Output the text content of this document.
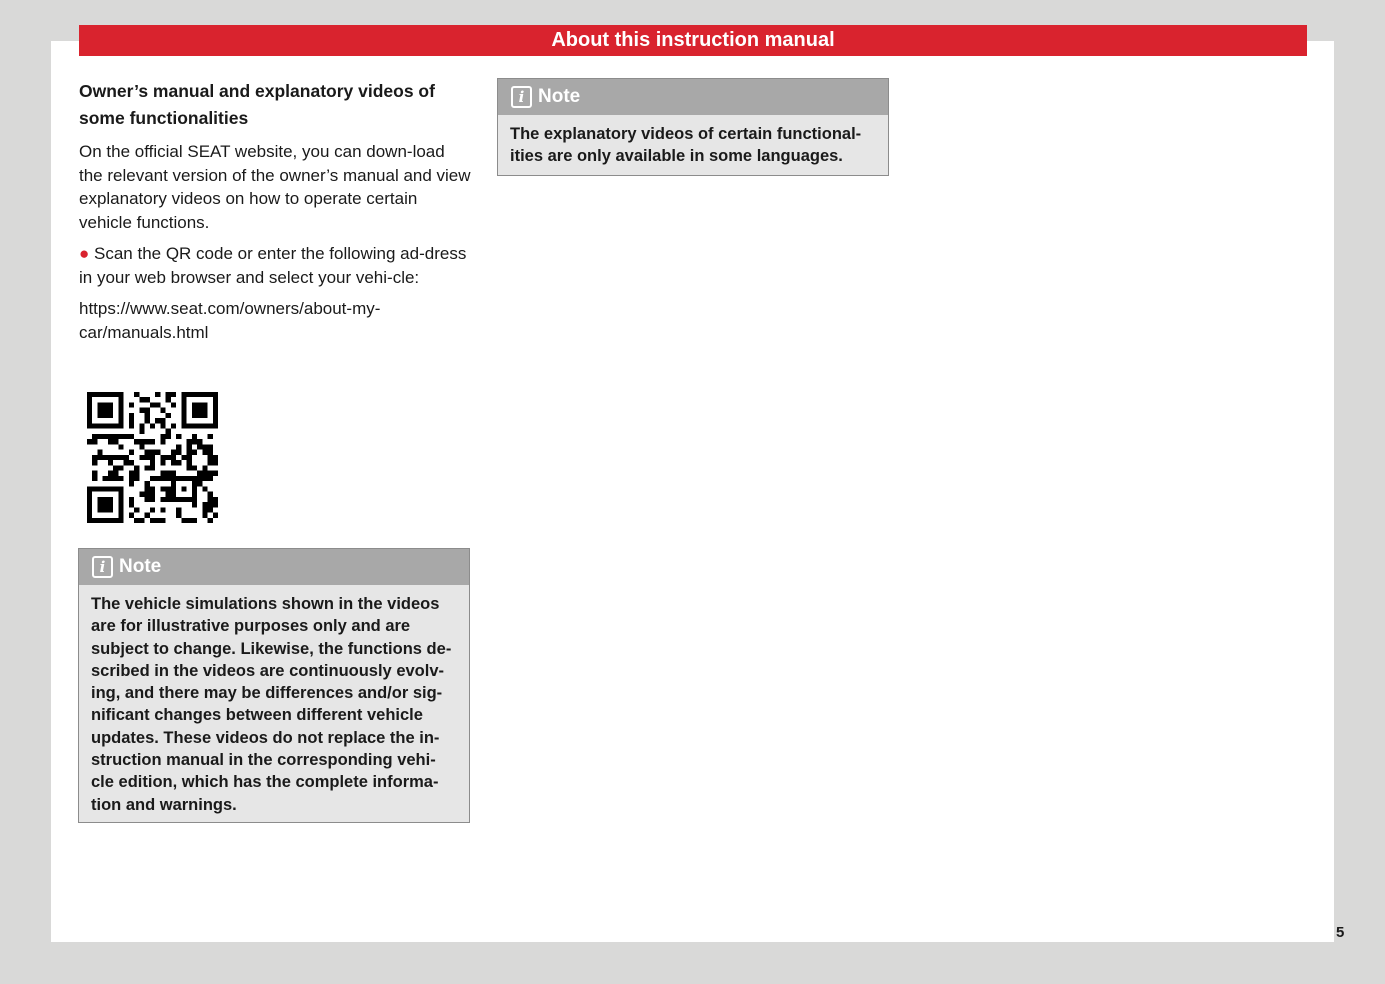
About this instruction manual
Owner’s manual and explanatory videos of some functionalities

On the official SEAT website, you can down-load the relevant version of the owner’s manual and view explanatory videos on how to operate certain vehicle functions.

● Scan the QR code or enter the following ad-dress in your web browser and select your vehi-cle:

https://www.seat.com/owners/about-my-car/manuals.html

i Note
The vehicle simulations shown in the videos are for illustrative purposes only and are subject to change. Likewise, the functions de-scribed in the videos are continuously evolv-ing, and there may be differences and/or sig-nificant changes between different vehicle updates. These videos do not replace the in-struction manual in the corresponding vehi-cle edition, which has the complete informa-tion and warnings.
i Note
The explanatory videos of certain functional-ities are only available in some languages.
5
